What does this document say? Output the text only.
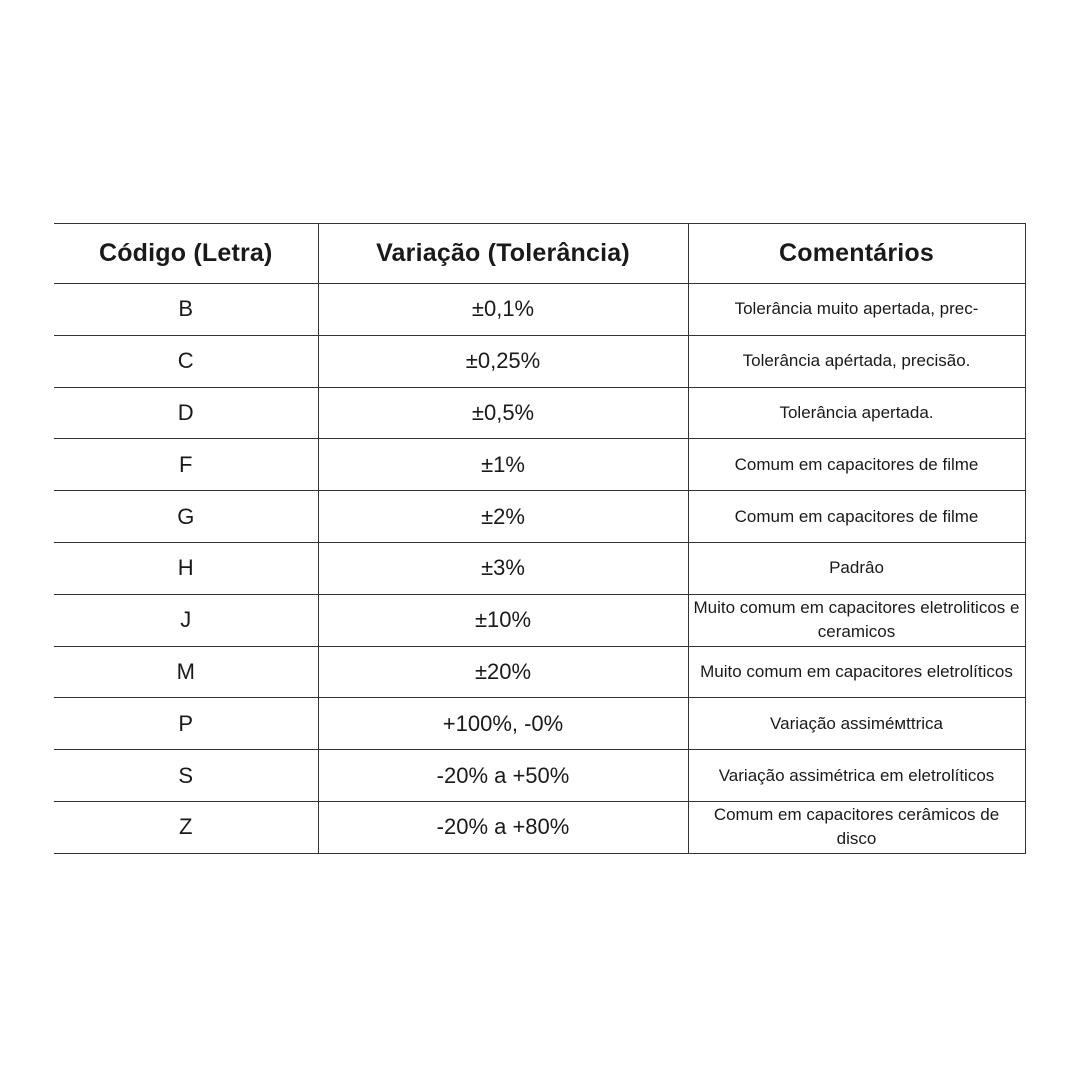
Código (Letra)	Variação (Tolerância)	Comentários
B	±0,1%	Tolerância muito apertada, prec-
C	±0,25%	Tolerância apértada, precisão.
D	±0,5%	Tolerância apertada.
F	±1%	Comum em capacitores de filme
G	±2%	Comum em capacitores de filme
H	±3%	Padrâo
J	±10%	Muito comum em capacitores eletroliticos e ceramicos
M	±20%	Muito comum em capacitores eletrolíticos
P	+100%, -0%	Variação assiméмttrica
S	-20% a +50%	Variação assimétrica em eletrolíticos
Z	-20% a +80%	Comum em capacitores cerâmicos de disco
